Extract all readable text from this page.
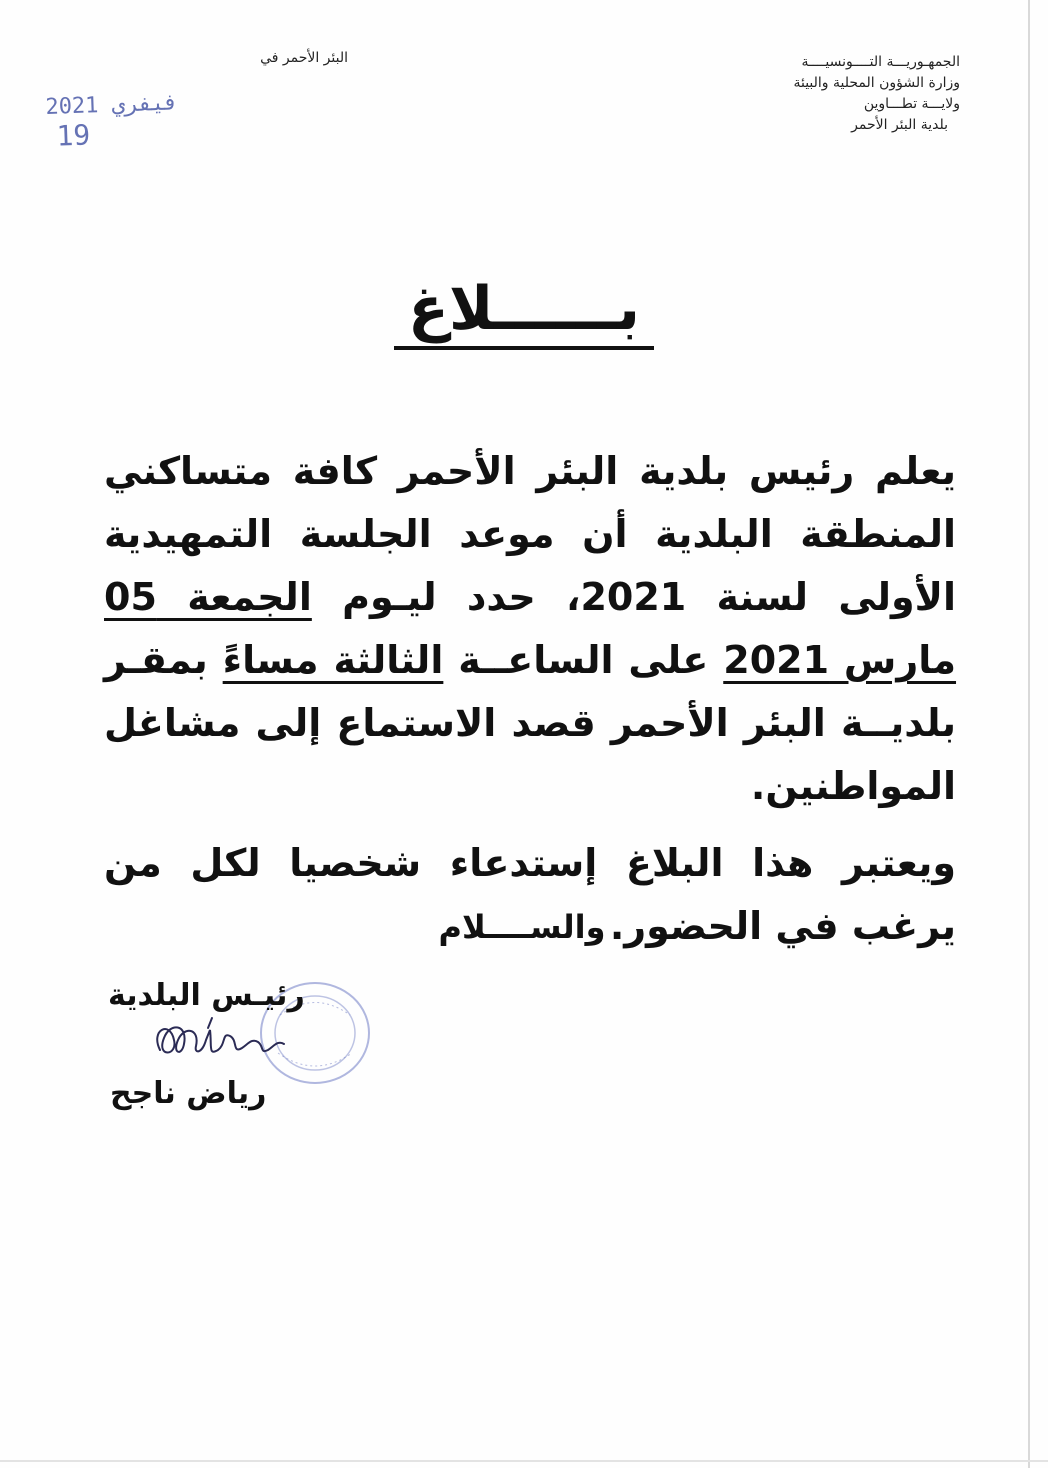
الجمهـوريـــة التــــونسيــــة
وزارة الشؤون المحلية والبيئة
ولايـــة تطـــاوين
بلدية البئر الأحمر
البئر الأحمر في
2021 فيفري 19
بــــــلاغ

يعلم رئيس بلدية البئر الأحمر كافة متساكني المنطقة البلدية أن موعد الجلسة التمهيدية الأولى لسنة 2021، حدد ليـوم الجمعة 05 مارس 2021 على الساعــة الثالثة مساءً بمقـر بلديــة البئر الأحمر قصد الاستماع إلى مشاغل المواطنين.

ويعتبر هذا البلاغ إستدعاء شخصيا لكل من يرغب في الحضور.

والســــلام
رئيـس البلدية
رياض ناجح
